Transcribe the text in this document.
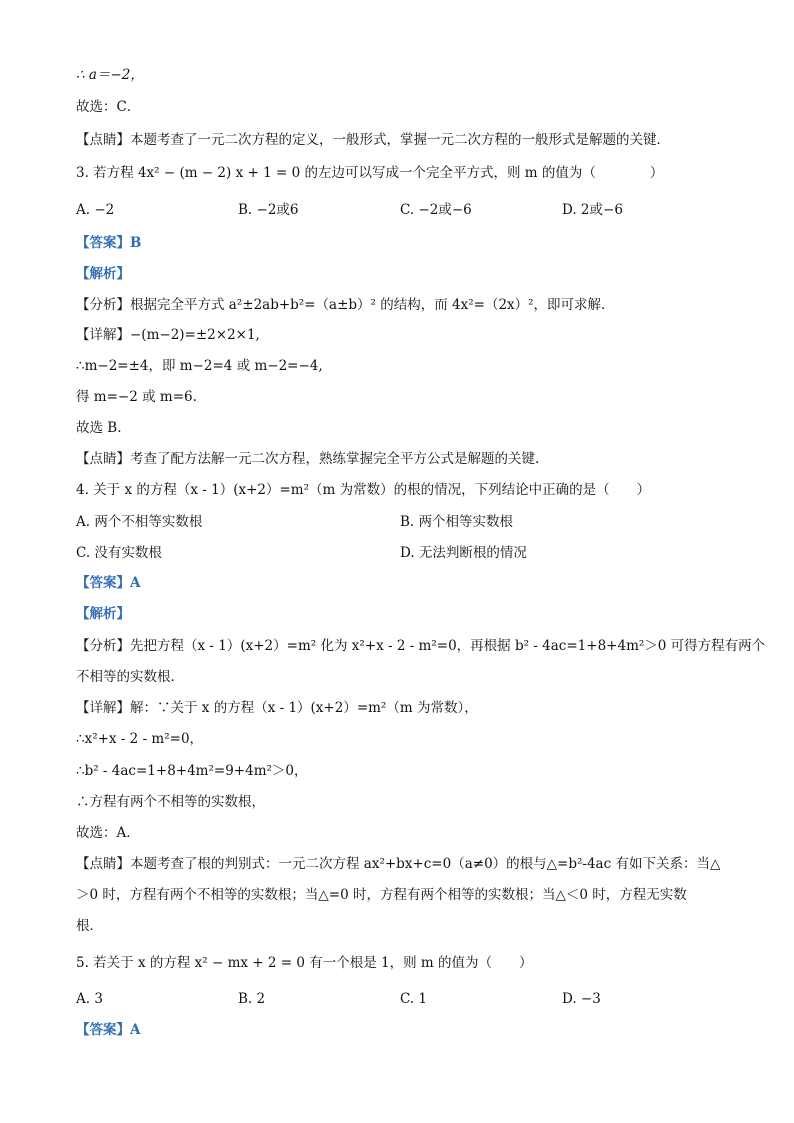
∴ a＝−2，
故选：C．
【点睛】本题考查了一元二次方程的定义，一般形式，掌握一元二次方程的一般形式是解题的关键．
3. 若方程 4x² − (m − 2) x + 1 = 0 的左边可以写成一个完全平方式，则 m 的值为（　　　　）
A. −2	B. −2或6	C. −2或−6	D. 2或−6
【答案】B
【解析】
【分析】根据完全平方式 a²±2ab+b²=（a±b）² 的结构，而 4x²=（2x）²，即可求解．
【详解】−(m−2)=±2×2×1,
∴m−2=±4，即 m−2=4 或 m−2=−4,
得 m=−2 或 m=6.
故选 B.
【点睛】考查了配方法解一元二次方程，熟练掌握完全平方公式是解题的关键.
4. 关于 x 的方程（x - 1）(x+2）=m²（m 为常数）的根的情况，下列结论中正确的是（　　）
A. 两个不相等实数根	B. 两个相等实数根
C. 没有实数根	D. 无法判断根的情况
【答案】A
【解析】
【分析】先把方程（x - 1）(x+2）=m² 化为 x²+x - 2 - m²=0，再根据 b² - 4ac=1+8+4m²＞0 可得方程有两个
不相等的实数根．
【详解】解：∵关于 x 的方程（x - 1）(x+2）=m²（m 为常数），
∴x²+x - 2 - m²=0，
∴b² - 4ac=1+8+4m²=9+4m²＞0，
∴方程有两个不相等的实数根，
故选：A．
【点睛】本题考查了根的判别式：一元二次方程 ax²+bx+c=0（a≠0）的根与△=b²-4ac 有如下关系：当△
＞0 时，方程有两个不相等的实数根；当△=0 时，方程有两个相等的实数根；当△＜0 时，方程无实数
根．
5. 若关于 x 的方程 x² − mx + 2 = 0 有一个根是 1，则 m 的值为（　　）
A. 3	B. 2	C. 1	D. −3
【答案】A
